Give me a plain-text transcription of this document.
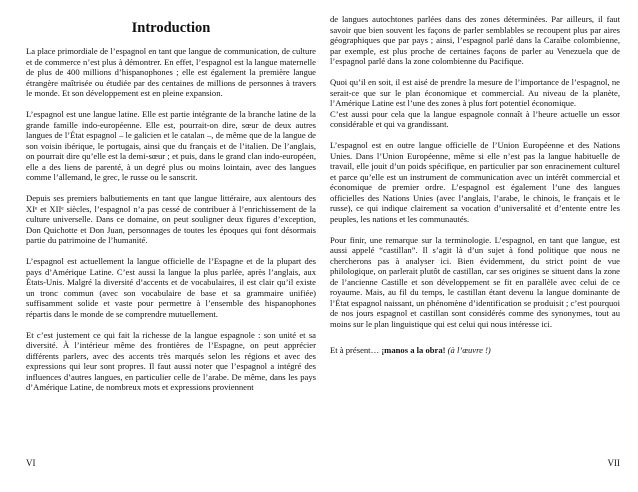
Introduction

La place primordiale de l’espagnol en tant que langue de communication, de culture et de commerce n’est plus à démontrer. En effet, l’espagnol est la langue maternelle de plus de 400 millions d’hispanophones ; elle est également la première langue étrangère maîtrisée ou étudiée par des centaines de millions de personnes à travers le monde. Et son développement est en pleine expansion.

L’espagnol est une langue latine. Elle est partie intégrante de la branche latine de la grande famille indo-européenne. Elle est, pourrait-on dire, sœur de deux autres langues de l’État espagnol – le galicien et le catalan –, de même que de la langue de son voisin ibérique, le portugais, ainsi que du français et de l’italien. De l’anglais, on pourrait dire qu’elle est la demi-sœur ; et puis, dans le grand clan indo-européen, elle a des liens de parenté, à un degré plus ou moins lointain, avec des langues comme l’allemand, le grec, le russe ou le sanscrit.

Depuis ses premiers balbutiements en tant que langue littéraire, aux alentours des XIᵉ et XIIᵉ siècles, l’espagnol n’a pas cessé de contribuer à l’enrichissement de la culture universelle. Dans ce domaine, on peut souligner deux figures d’exception, Don Quichotte et Don Juan, personnages de toutes les époques qui font désormais partie du patrimoine de l’humanité.

L’espagnol est actuellement la langue officielle de l’Espagne et de la plupart des pays d’Amérique Latine. C’est aussi la langue la plus parlée, après l’anglais, aux États-Unis. Malgré la diversité d’accents et de vocabulaires, il est clair qu’il existe un tronc commun (avec son vocabulaire de base et sa grammaire unifiée) suffisamment solide et vaste pour permettre à l’ensemble des hispanophones répartis dans le monde de se comprendre mutuellement.

Et c’est justement ce qui fait la richesse de la langue espagnole : son unité et sa diversité. À l’intérieur même des frontières de l’Espagne, on peut apprécier différents parlers, avec des accents très marqués selon les régions et avec des expressions qui leur sont propres. Il faut aussi noter que l’espagnol a intégré des influences d’autres langues, en particulier celle de l’arabe. De même, dans les pays d’Amérique Latine, de nombreux mots et expressions proviennent

VI

de langues autochtones parlées dans des zones déterminées. Par ailleurs, il faut savoir que bien souvent les façons de parler semblables se recoupent plus par aires géographiques que par pays ; ainsi, l’espagnol parlé dans la Caraïbe colombienne, par exemple, est plus proche de certaines façons de parler au Venezuela que de l’espagnol parlé dans la zone colombienne du Pacifique.

Quoi qu’il en soit, il est aisé de prendre la mesure de l’importance de l’espagnol, ne serait-ce que sur le plan économique et commercial. Au niveau de la planète, l’Amérique Latine est l’une des zones à plus fort potentiel économique.

C’est aussi pour cela que la langue espagnole connaît à l’heure actuelle un essor considérable et qui va grandissant.

L’espagnol est en outre langue officielle de l’Union Européenne et des Nations Unies. Dans l’Union Européenne, même si elle n’est pas la langue habituelle de travail, elle jouit d’un poids spécifique, en particulier par son enracinement culturel et parce qu’elle est un instrument de communication avec un intérêt commercial et économique de premier ordre. L’espagnol est également l’une des langues officielles des Nations Unies (avec l’anglais, l’arabe, le chinois, le français et le russe), ce qui indique clairement sa vocation d’universalité et d’entente entre les peuples, les nations et les communautés.

Pour finir, une remarque sur la terminologie. L’espagnol, en tant que langue, est aussi appelé “castillan”. Il s’agit là d’un sujet à fond politique que nous ne chercherons pas à analyser ici. Bien évidemment, du strict point de vue philologique, on parlerait plutôt de castillan, car ses origines se situent dans la zone de l’ancienne Castille et son développement se fit en parallèle avec celui de ce royaume. Mais, au fil du temps, le castillan étant devenu la langue dominante de l’État espagnol naissant, un phénomène d’identification se produisit ; c’est pourquoi de nos jours espagnol et castillan sont considérés comme des synonymes, tout au moins sur le plan linguistique qui est celui qui nous intéresse ici.

Et à présent… ¡manos a la obra! (à l’œuvre !)

VII
